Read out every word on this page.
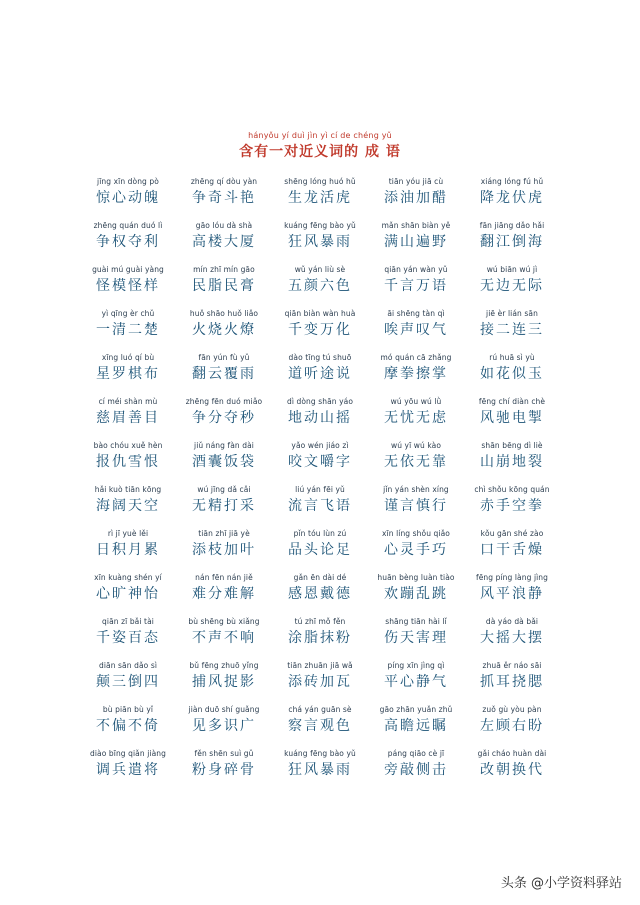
hányǒu yí duì jìn yì cí de chéng yǔ
含有一对近义词的 成 语
jīng xīn dòng pò
惊心动魄
zhēng qí dòu yàn
争奇斗艳
shēng lóng huó hǔ
生龙活虎
tiān yóu jiā cù
添油加醋
xiáng lóng fú hǔ
降龙伏虎
zhēng quán duó lì
争权夺利
gāo lóu dà shà
高楼大厦
kuáng fēng bào yǔ
狂风暴雨
mǎn shān biàn yě
满山遍野
fān jiāng dǎo hǎi
翻江倒海
guài mú guài yàng
怪模怪样
mín zhī mín gāo
民脂民膏
wǔ yán liù sè
五颜六色
qiān yán wàn yǔ
千言万语
wú biān wú jì
无边无际
yì qīng èr chǔ
一清二楚
huǒ shāo huǒ liǎo
火烧火燎
qiān biàn wàn huà
千变万化
āi shēng tàn qì
唉声叹气
jiē èr lián sān
接二连三
xīng luó qí bù
星罗棋布
fān yún fù yǔ
翻云覆雨
dào tīng tú shuō
道听途说
mó quán cā zhǎng
摩拳擦掌
rú huā sì yù
如花似玉
cí méi shàn mù
慈眉善目
zhēng fēn duó miǎo
争分夺秒
dì dòng shān yáo
地动山摇
wú yōu wú lǜ
无忧无虑
fēng chí diàn chè
风驰电掣
bào chóu xuě hèn
报仇雪恨
jiǔ náng fàn dài
酒囊饭袋
yǎo wén jiáo zì
咬文嚼字
wú yī wú kào
无依无靠
shān bēng dì liè
山崩地裂
hǎi kuò tiān kōng
海阔天空
wú jīng dǎ cǎi
无精打采
liú yán fēi yǔ
流言飞语
jǐn yán shèn xíng
谨言慎行
chì shǒu kōng quán
赤手空拳
rì jī yuè lěi
日积月累
tiān zhī jiā yè
添枝加叶
pǐn tóu lùn zú
品头论足
xīn líng shǒu qiǎo
心灵手巧
kǒu gān shé zào
口干舌燥
xīn kuàng shén yí
心旷神怡
nán fēn nán jiě
难分难解
gǎn ēn dài dé
感恩戴德
huān bèng luàn tiào
欢蹦乱跳
fēng píng làng jìng
风平浪静
qiān zī bǎi tài
千姿百态
bù shēng bù xiǎng
不声不响
tú zhī mǒ fěn
涂脂抹粉
shāng tiān hài lǐ
伤天害理
dà yáo dà bǎi
大摇大摆
diān sān dǎo sì
颠三倒四
bǔ fēng zhuō yǐng
捕风捉影
tiān zhuān jiā wǎ
添砖加瓦
píng xīn jìng qì
平心静气
zhuā ěr náo sāi
抓耳挠腮
bù piān bù yǐ
不偏不倚
jiàn duō shí guǎng
见多识广
chá yán guān sè
察言观色
gāo zhān yuǎn zhǔ
高瞻远瞩
zuǒ gù yòu pàn
左顾右盼
diào bīng qiǎn jiàng
调兵遣将
fěn shēn suì gǔ
粉身碎骨
kuáng fēng bào yǔ
狂风暴雨
páng qiāo cè jī
旁敲侧击
gǎi cháo huàn dài
改朝换代
头条 @小学资料驿站
